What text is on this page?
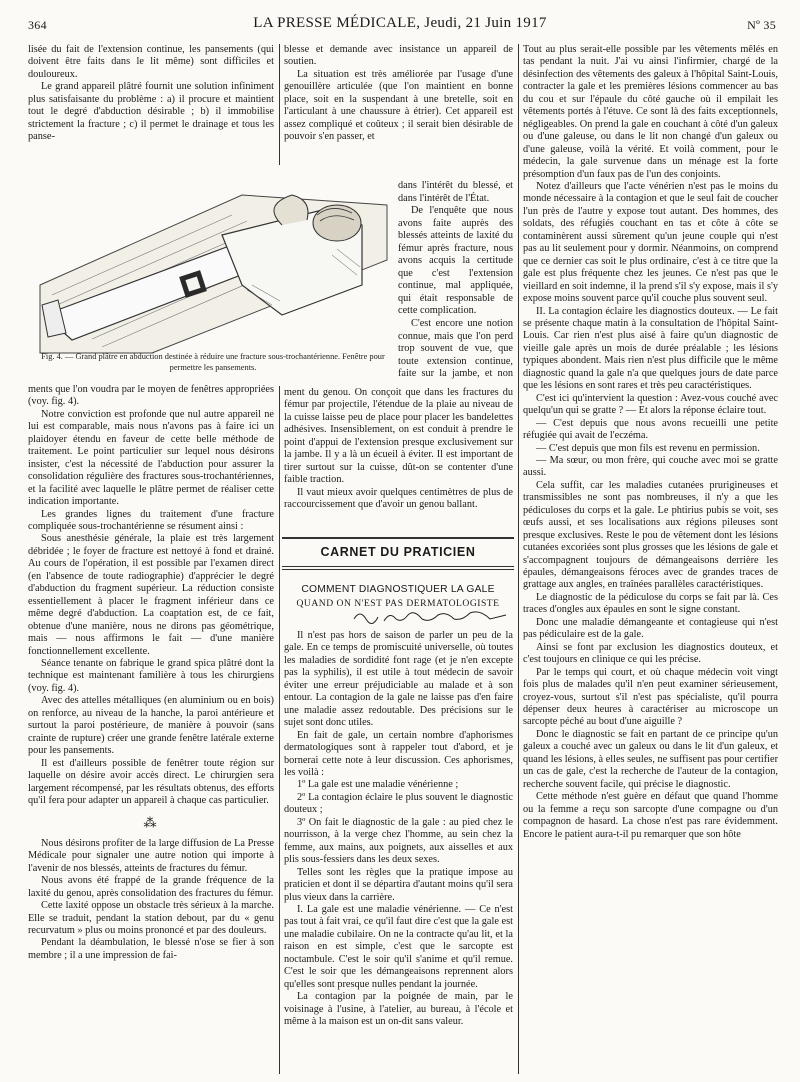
364	LA PRESSE MÉDICALE, Jeudi, 21 Juin 1917	Nº 35

lisée du fait de l'extension continue, les pansements (qui doivent être faits dans le lit même) sont difficiles et douloureux.

Le grand appareil plâtré fournit une solution infiniment plus satisfaisante du problème : a) il procure et maintient tout le degré d'abduction désirable ; b) il immobilise strictement la fracture ; c) il permet le drainage et tous les panse-

Fig. 4. — Grand plâtre en abduction destinée à réduire une fracture sous-trochantérienne. Fenêtre pour permettre les pansements.

blesse et demande avec insistance un appareil de soutien.

La situation est très améliorée par l'usage d'une genouillère articulée (que l'on maintient en bonne place, soit en la suspendant à une bretelle, soit en l'articulant à une chaussure à étrier). Cet appareil est assez compliqué et coûteux ; il serait bien désirable de pouvoir s'en passer, et

dans l'intérêt du blessé, et dans l'intérêt de l'État.

De l'enquête que nous avons faite auprès des blessés atteints de laxité du fémur après fracture, nous avons acquis la certitude que c'est l'extension continue, mal appliquée, qui était responsable de cette complication.

C'est encore une notion connue, mais que l'on perd trop souvent de vue, que toute extension continue, faite sur la jambe, et non

ments que l'on voudra par le moyen de fenêtres appropriées (voy. fig. 4).

Notre conviction est profonde que nul autre appareil ne lui est comparable, mais nous n'avons pas à faire ici un plaidoyer étendu en faveur de cette belle méthode de traitement. Le point particulier sur lequel nous désirons insister, c'est la nécessité de l'abduction pour assurer la consolidation régulière des fractures sous-trochantériennes, et la facilité avec laquelle le plâtre permet de réaliser cette indication importante.

Les grandes lignes du traitement d'une fracture compliquée sous-trochantérienne se résument ainsi :

Sous anesthésie générale, la plaie est très largement débridée ; le foyer de fracture est nettoyé à fond et drainé. Au cours de l'opération, il est possible par l'examen direct (en l'absence de toute radiographie) d'apprécier le degré d'abduction du fragment supérieur. La réduction consiste essentiellement à placer le fragment inférieur dans ce même degré d'abduction. La coaptation est, de ce fait, obtenue d'une manière, nous ne dirons pas géométrique, mais — nous affirmons le fait — d'une manière fonctionnellement excellente.

Séance tenante on fabrique le grand spica plâtré dont la technique est maintenant familière à tous les chirurgiens (voy. fig. 4).

Avec des attelles métalliques (en aluminium ou en bois) on renforce, au niveau de la hanche, la paroi antérieure et surtout la paroi postérieure, de manière à pouvoir (sans crainte de rupture) créer une grande fenêtre latérale externe pour les pansements.

Il est d'ailleurs possible de fenêtrer toute région sur laquelle on désire avoir accès direct. Le chirurgien sera largement récompensé, par les résultats obtenus, des efforts qu'il fera pour adapter un appareil à chaque cas particulier.

⁂

Nous désirons profiter de la large diffusion de La Presse Médicale pour signaler une autre notion qui importe à l'avenir de nos blessés, atteints de fractures du fémur.

Nous avons été frappé de la grande fréquence de la laxité du genou, après consolidation des fractures du fémur.

Cette laxité oppose un obstacle très sérieux à la marche. Elle se traduit, pendant la station debout, par du « genu recurvatum » plus ou moins prononcé et par des douleurs.

Pendant la déambulation, le blessé n'ose se fier à son membre ; il a une impression de fai-

ment du genou. On conçoit que dans les fractures du fémur par projectile, l'étendue de la plaie au niveau de la cuisse laisse peu de place pour placer les bandelettes adhésives. Insensiblement, on est conduit à prendre le point d'appui de l'extension presque exclusivement sur la jambe. Il y a là un écueil à éviter. Il est important de tirer surtout sur la cuisse, dût-on se contenter d'une faible traction.

Il vaut mieux avoir quelques centimètres de plus de raccourcissement que d'avoir un genou ballant.

CARNET DU PRATICIEN
COMMENT DIAGNOSTIQUER LA GALE
QUAND ON N'EST PAS DERMATOLOGISTE

Il n'est pas hors de saison de parler un peu de la gale. En ce temps de promiscuité universelle, où toutes les maladies de sordidité font rage (et je n'en excepte pas la syphilis), il est utile à tout médecin de savoir éviter une erreur préjudiciable au malade et à son entour. La contagion de la gale ne laisse pas d'en faire une maladie assez redoutable. Des précisions sur le sujet sont donc utiles.

En fait de gale, un certain nombre d'aphorismes dermatologiques sont à rappeler tout d'abord, et je bornerai cette note à leur discussion. Ces aphorismes, les voilà :

1º La gale est une maladie vénérienne ;

2º La contagion éclaire le plus souvent le diagnostic douteux ;

3º On fait le diagnostic de la gale : au pied chez le nourrisson, à la verge chez l'homme, au sein chez la femme, aux mains, aux poignets, aux aisselles et aux plis sous-fessiers dans les deux sexes.

Telles sont les règles que la pratique impose au praticien et dont il se départira d'autant moins qu'il sera plus vieux dans la carrière.

I. La gale est une maladie vénérienne. — Ce n'est pas tout à fait vrai, ce qu'il faut dire c'est que la gale est une maladie cubilaire. On ne la contracte qu'au lit, et la raison en est simple, c'est que le sarcopte est noctambule. C'est le soir qu'il s'anime et qu'il remue. C'est le soir que les démangeaisons reprennent alors qu'elles sont presque nulles pendant la journée.

La contagion par la poignée de main, par le voisinage à l'usine, à l'atelier, au bureau, à l'école et même à la maison est un on-dit sans valeur.

Tout au plus serait-elle possible par les vêtements mêlés en tas pendant la nuit. J'ai vu ainsi l'infirmier, chargé de la désinfection des vêtements des galeux à l'hôpital Saint-Louis, contracter la gale et les premières lésions commencer au bas du cou et sur l'épaule du côté gauche où il empilait les vêtements portés à l'étuve. Ce sont là des faits exceptionnels, négligeables. On prend la gale en couchant à côté d'un galeux ou d'une galeuse, ou dans le lit non changé d'un galeux ou d'une galeuse, voilà la vérité. Et voilà comment, pour le médecin, la gale survenue dans un ménage est la forte présomption d'un faux pas de l'un des conjoints.

Notez d'ailleurs que l'acte vénérien n'est pas le moins du monde nécessaire à la contagion et que le seul fait de coucher l'un près de l'autre y expose tout autant. Des hommes, des soldats, des réfugiés couchant en tas et côte à côte se contaminèrent aussi sûrement qu'un jeune couple qui n'est pas au lit seulement pour y dormir. Néanmoins, on comprend que ce dernier cas soit le plus ordinaire, c'est à ce titre que la gale est plus fréquente chez les jeunes. Ce n'est pas que le vieillard en soit indemne, il la prend s'il s'y expose, mais il s'y expose moins souvent parce qu'il couche plus souvent seul.

II. La contagion éclaire les diagnostics douteux. — Le fait se présente chaque matin à la consultation de l'hôpital Saint-Louis. Car rien n'est plus aisé à faire qu'un diagnostic de vieille gale après un mois de durée préalable ; les lésions typiques abondent. Mais rien n'est plus difficile que le même diagnostic quand la gale n'a que quelques jours de date parce que les lésions en sont rares et très peu caractéristiques.

C'est ici qu'intervient la question : Avez-vous couché avec quelqu'un qui se gratte ? — Et alors la réponse éclaire tout.

— C'est depuis que nous avons recueilli une petite réfugiée qui avait de l'eczéma.

— C'est depuis que mon fils est revenu en permission.

— Ma sœur, ou mon frère, qui couche avec moi se gratte aussi.

Cela suffit, car les maladies cutanées prurigineuses et transmissibles ne sont pas nombreuses, il n'y a que les pédiculoses du corps et la gale. Le phtirius pubis se voit, ses œufs aussi, et ses localisations aux régions pileuses sont presque exclusives. Reste le pou de vêtement dont les lésions cutanées excoriées sont plus grosses que les lésions de gale et s'accompagnent toujours de démangeaisons derrière les épaules, démangeaisons féroces avec de grandes traces de grattage aux angles, en traînées parallèles caractéristiques.

Le diagnostic de la pédiculose du corps se fait par là. Ces traces d'ongles aux épaules en sont le signe constant.

Donc une maladie démangeante et contagieuse qui n'est pas pédiculaire est de la gale.

Ainsi se font par exclusion les diagnostics douteux, et c'est toujours en clinique ce qui les précise.

Par le temps qui court, et où chaque médecin voit vingt fois plus de malades qu'il n'en peut examiner sérieusement, croyez-vous, surtout s'il n'est pas spécialiste, qu'il pourra dépenser deux heures à caractériser au microscope un sarcopte péché au bout d'une aiguille ?

Donc le diagnostic se fait en partant de ce principe qu'un galeux a couché avec un galeux ou dans le lit d'un galeux, et quand les lésions, à elles seules, ne suffisent pas pour certifier un cas de gale, c'est la recherche de l'auteur de la contagion, recherche souvent facile, qui précise le diagnostic.

Cette méthode n'est guère en défaut que quand l'homme ou la femme a reçu son sarcopte d'une compagne ou d'un compagnon de hasard. La chose n'est pas rare évidemment. Encore le patient aura-t-il pu remarquer que son hôte
